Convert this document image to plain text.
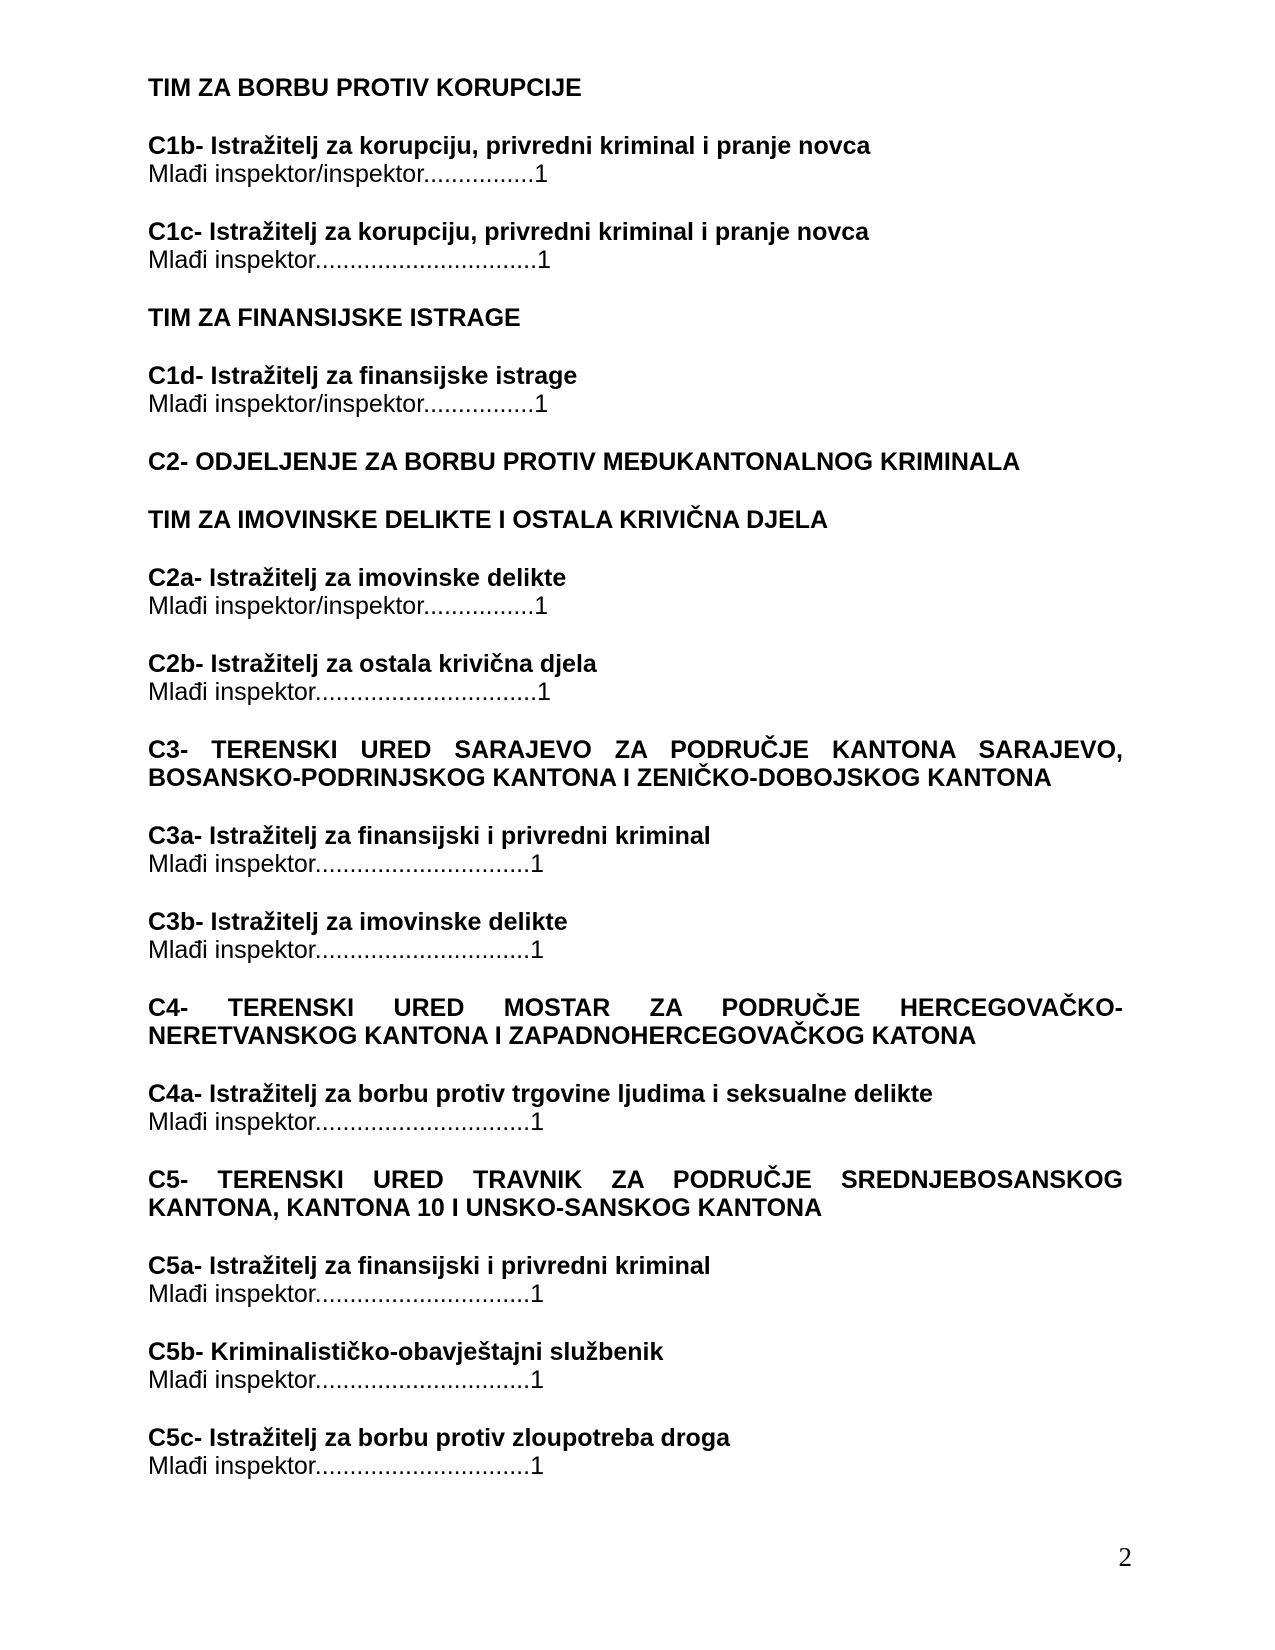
TIM ZA BORBU PROTIV KORUPCIJE
C1b- Istražitelj za korupciju, privredni kriminal i pranje novca
Mlađi inspektor/inspektor................1
C1c- Istražitelj za korupciju, privredni kriminal i pranje novca
Mlađi inspektor................................1
TIM ZA FINANSIJSKE ISTRAGE
C1d- Istražitelj za finansijske istrage
Mlađi inspektor/inspektor................1
C2- ODJELJENJE ZA BORBU PROTIV MEĐUKANTONALNOG KRIMINALA
TIM ZA IMOVINSKE DELIKTE I OSTALA KRIVIČNA DJELA
C2a- Istražitelj za imovinske delikte
Mlađi inspektor/inspektor................1
C2b- Istražitelj za ostala krivična djela
Mlađi inspektor................................1
C3- TERENSKI URED SARAJEVO ZA PODRUČJE KANTONA SARAJEVO, BOSANSKO-PODRINJSKOG KANTONA I ZENIČKO-DOBOJSKOG KANTONA
C3a- Istražitelj za finansijski i privredni kriminal
Mlađi inspektor...............................1
C3b- Istražitelj za imovinske delikte
Mlađi inspektor...............................1
C4- TERENSKI URED MOSTAR ZA PODRUČJE HERCEGOVAČKO-NERETVANSKOG KANTONA I ZAPADNOHERCEGOVAČKOG KATONA
C4a- Istražitelj za borbu protiv trgovine ljudima i seksualne delikte
Mlađi inspektor...............................1
C5- TERENSKI URED TRAVNIK ZA PODRUČJE SREDNJEBOSANSKOG KANTONA, KANTONA 10 I UNSKO-SANSKOG KANTONA
C5a- Istražitelj za finansijski i privredni kriminal
Mlađi inspektor...............................1
C5b- Kriminalističko-obavještajni službenik
Mlađi inspektor...............................1
C5c- Istražitelj za borbu protiv zloupotreba droga
Mlađi inspektor...............................1
2
